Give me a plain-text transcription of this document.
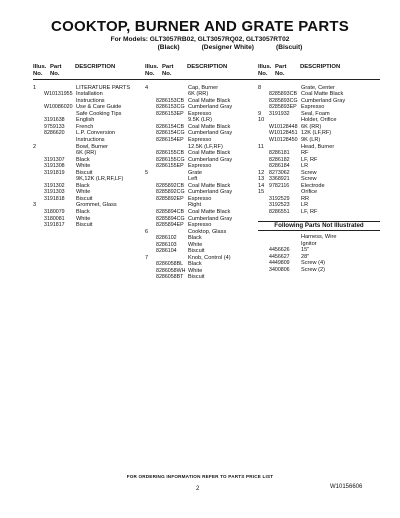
COOKTOP, BURNER AND GRATE PARTS
For Models: GLT3057RB02, GLT3057RQ02, GLT3057RT02
(Black)	(Designer White)	(Biscuit)
Illus.
No.
Part
No.
DESCRIPTION
1	LITERATURE PARTS
W10131955 Installation
Instructions
W10086020 Use & Care Guide
Safe Cooking Tips
3191638	English
9759133	French
8286620	L.P. Conversion
Instructions
2	Bowl, Burner
6K (RR)
3191307	Black
3191308	White
3191819	Biscuit
9K,12K (LR,RF,LF)
3191302	Black
3191303	White
3191818	Biscuit
3	Grommet, Glass
3180079	Black
3180081	White
3191817	Biscuit
Illus.
No.
Part
No.
DESCRIPTION
4	Cap, Burner
6K (RR)
8286153CB Coal Matte Black
8286153CG Cumberland Gray
8286153EP Espresso
9.5K (LR)
8286154CB Coal Matte Black
8286154CG Cumberland Gray
8286154EP Espresso
12.5K (LF,RF)
8286155CB Coal Matte Black
8286155CG Cumberland Gray
8286155EP Espresso
5	Grate
Left
8285892CB Coal Matte Black
8285892CG Cumberland Gray
8285892EP Espresso
Right
8285894CB Coal Matte Black
8285894CG Cumberland Gray
8285894EP Espresso
6	Cooktop, Glass
8286102	Black
8286103	White
8286104	Biscuit
7	Knob, Control (4)
8286058BL Black
8286058WH White
8286058BT Biscuit
Illus.
No.
Part
No.
DESCRIPTION
8	Grate, Center
8285893CB Coal Matte Black
8285893CG Cumberland Gray
8285893EP Espresso
9	3191932	Seal, Foam
10	Holder, Orifice
W10128448 6K (RR)
W10128451 12K (LF,RF)
W10128450 9K (LR)
11	Head, Burner
8286181	RF
8286182	LF, RF
8286184	LR
12 8273062	Screw
13 3368921	Screw
14 9782116	Electrode
15	Orifice
3192529	RR
3192523	LR
8286551	LF, RF
Following Parts Not Illustrated
Harness, Wire
Ignitor
4456626	15"
4456627	28"
4449809	Screw (4)
3400806	Screw (2)
FOR ORDERING INFORMATION REFER TO PARTS PRICE LIST
2	W10156606
